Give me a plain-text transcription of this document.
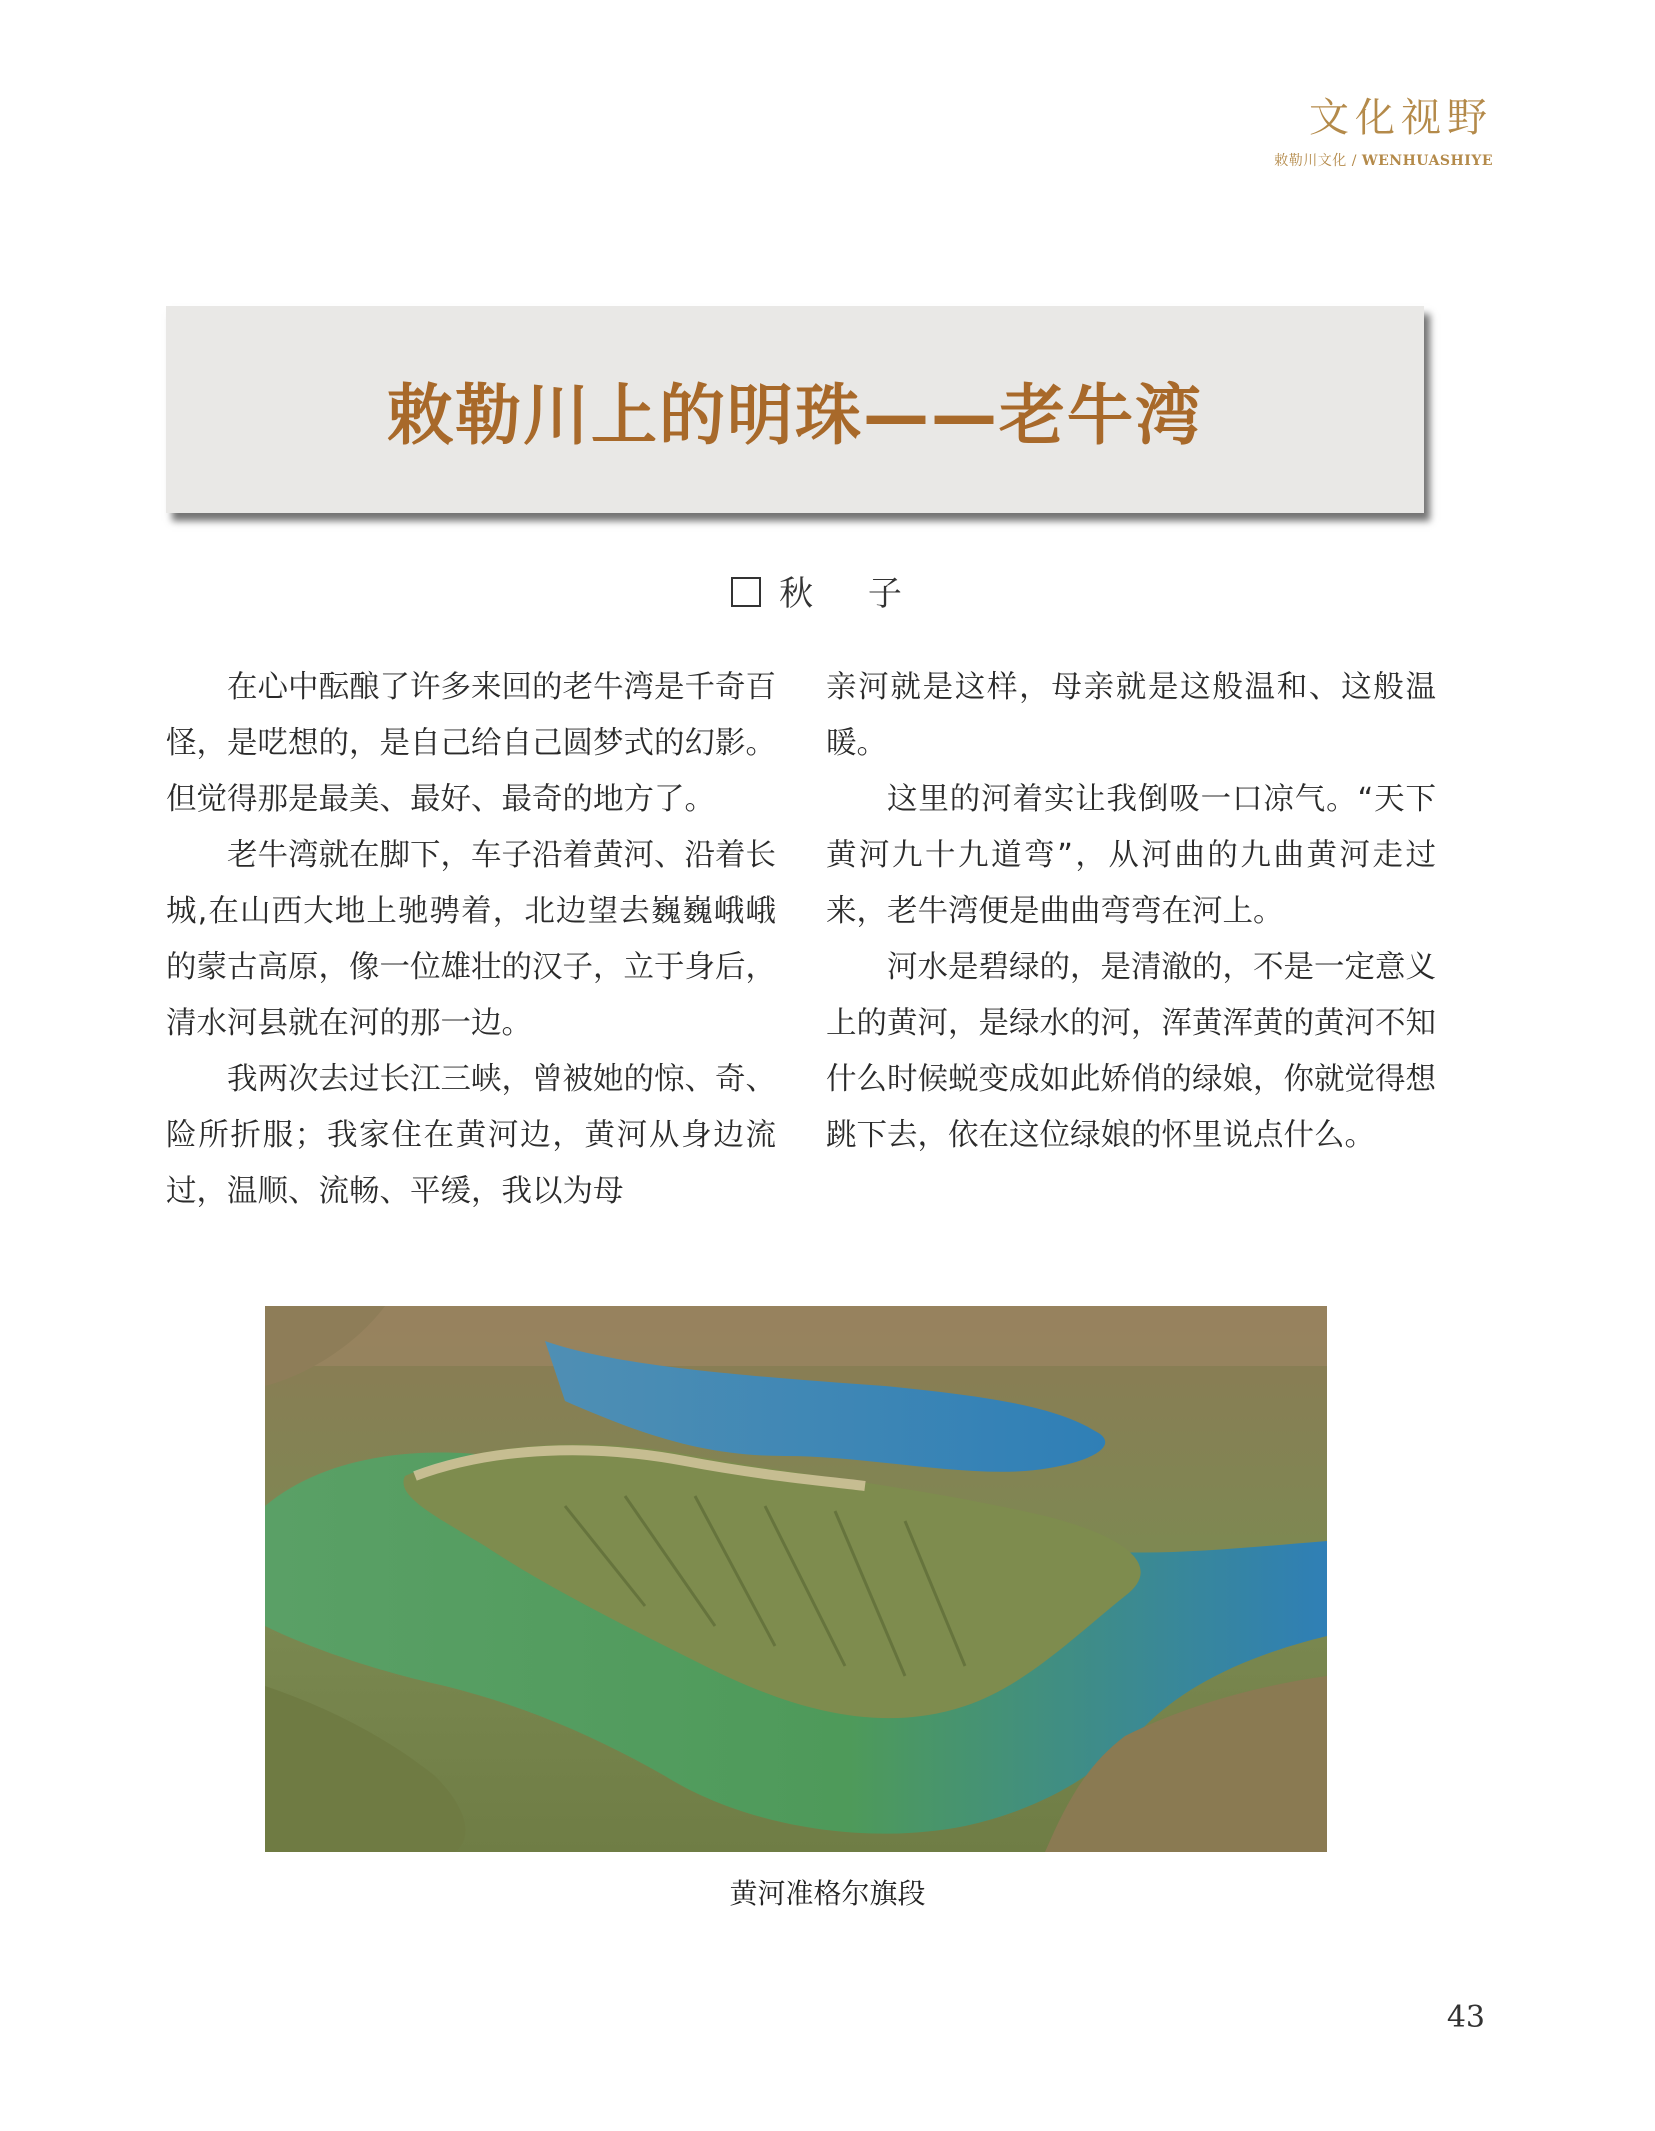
文化视野
敕勒川文化 / WENHUASHIYE
敕勒川上的明珠——老牛湾
秋 子

在心中酝酿了许多来回的老牛湾是千奇百怪，是呓想的，是自己给自己圆梦式的幻影。但觉得那是最美、最好、最奇的地方了。

老牛湾就在脚下，车子沿着黄河、沿着长城,在山西大地上驰骋着，北边望去巍巍峨峨的蒙古高原，像一位雄壮的汉子，立于身后，清水河县就在河的那一边。

我两次去过长江三峡，曾被她的惊、奇、险所折服；我家住在黄河边，黄河从身边流过，温顺、流畅、平缓，我以为母

亲河就是这样，母亲就是这般温和、这般温暖。

这里的河着实让我倒吸一口凉气。“天下黄河九十九道弯”，从河曲的九曲黄河走过来，老牛湾便是曲曲弯弯在河上。

河水是碧绿的，是清澈的，不是一定意义上的黄河，是绿水的河，浑黄浑黄的黄河不知什么时候蜕变成如此娇俏的绿娘，你就觉得想跳下去，依在这位绿娘的怀里说点什么。

黄河准格尔旗段
43
